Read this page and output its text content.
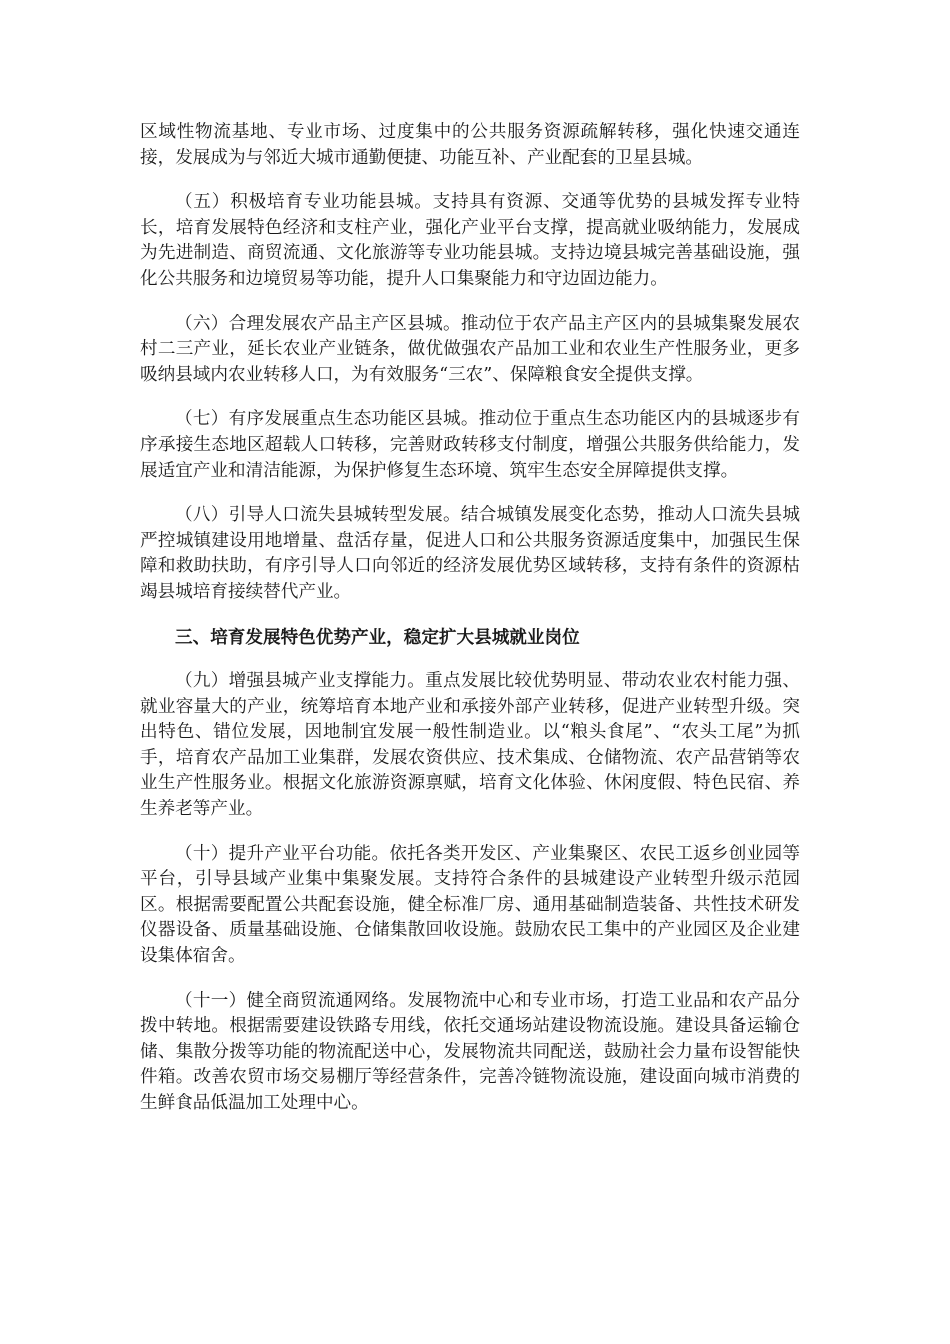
区域性物流基地、专业市场、过度集中的公共服务资源疏解转移，强化快速交通连接，发展成为与邻近大城市通勤便捷、功能互补、产业配套的卫星县城。

（五）积极培育专业功能县城。支持具有资源、交通等优势的县城发挥专业特长，培育发展特色经济和支柱产业，强化产业平台支撑，提高就业吸纳能力，发展成为先进制造、商贸流通、文化旅游等专业功能县城。支持边境县城完善基础设施，强化公共服务和边境贸易等功能，提升人口集聚能力和守边固边能力。

（六）合理发展农产品主产区县城。推动位于农产品主产区内的县城集聚发展农村二三产业，延长农业产业链条，做优做强农产品加工业和农业生产性服务业，更多吸纳县域内农业转移人口，为有效服务“三农”、保障粮食安全提供支撑。

（七）有序发展重点生态功能区县城。推动位于重点生态功能区内的县城逐步有序承接生态地区超载人口转移，完善财政转移支付制度，增强公共服务供给能力，发展适宜产业和清洁能源，为保护修复生态环境、筑牢生态安全屏障提供支撑。

（八）引导人口流失县城转型发展。结合城镇发展变化态势，推动人口流失县城严控城镇建设用地增量、盘活存量，促进人口和公共服务资源适度集中，加强民生保障和救助扶助，有序引导人口向邻近的经济发展优势区域转移，支持有条件的资源枯竭县城培育接续替代产业。

三、培育发展特色优势产业，稳定扩大县城就业岗位

（九）增强县城产业支撑能力。重点发展比较优势明显、带动农业农村能力强、就业容量大的产业，统筹培育本地产业和承接外部产业转移，促进产业转型升级。突出特色、错位发展，因地制宜发展一般性制造业。以“粮头食尾”、“农头工尾”为抓手，培育农产品加工业集群，发展农资供应、技术集成、仓储物流、农产品营销等农业生产性服务业。根据文化旅游资源禀赋，培育文化体验、休闲度假、特色民宿、养生养老等产业。

（十）提升产业平台功能。依托各类开发区、产业集聚区、农民工返乡创业园等平台，引导县域产业集中集聚发展。支持符合条件的县城建设产业转型升级示范园区。根据需要配置公共配套设施，健全标准厂房、通用基础制造装备、共性技术研发仪器设备、质量基础设施、仓储集散回收设施。鼓励农民工集中的产业园区及企业建设集体宿舍。

（十一）健全商贸流通网络。发展物流中心和专业市场，打造工业品和农产品分拨中转地。根据需要建设铁路专用线，依托交通场站建设物流设施。建设具备运输仓储、集散分拨等功能的物流配送中心，发展物流共同配送，鼓励社会力量布设智能快件箱。改善农贸市场交易棚厅等经营条件，完善冷链物流设施，建设面向城市消费的生鲜食品低温加工处理中心。
